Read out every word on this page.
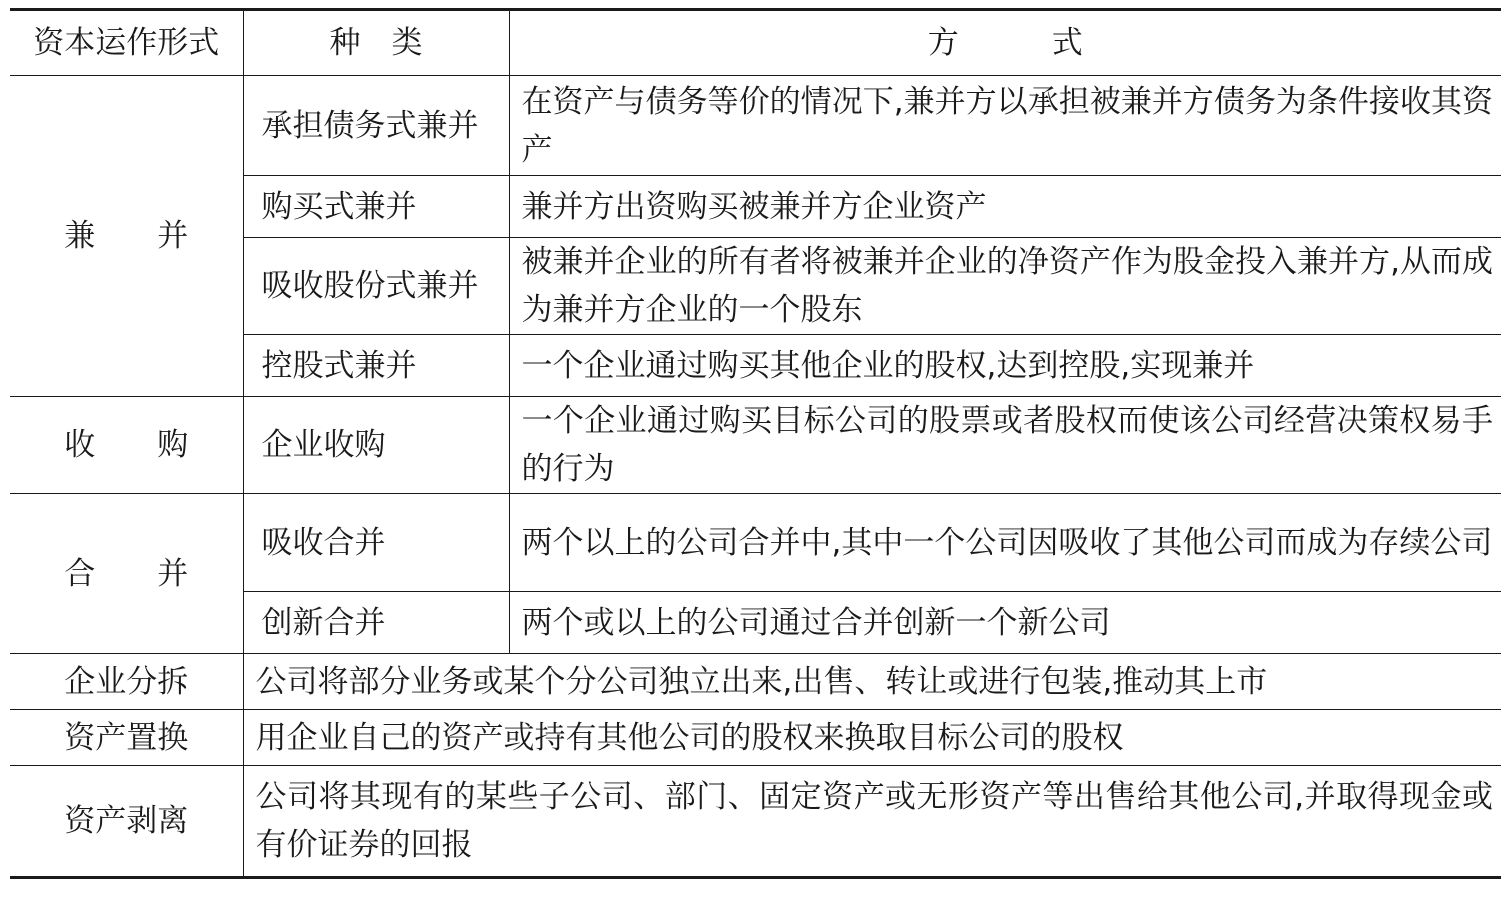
资本运作形式	种　类	方　　　式
兼　　并	承担债务式兼并	在资产与债务等价的情况下,兼并方以承担被兼并方债务为条件接收其资产
	购买式兼并	兼并方出资购买被兼并方企业资产
	吸收股份式兼并	被兼并企业的所有者将被兼并企业的净资产作为股金投入兼并方,从而成为兼并方企业的一个股东
	控股式兼并	一个企业通过购买其他企业的股权,达到控股,实现兼并
收　　购	企业收购	一个企业通过购买目标公司的股票或者股权而使该公司经营决策权易手的行为
合　　并	吸收合并	两个以上的公司合并中,其中一个公司因吸收了其他公司而成为存续公司
	创新合并	两个或以上的公司通过合并创新一个新公司
企业分拆	公司将部分业务或某个分公司独立出来,出售、转让或进行包装,推动其上市	
资产置换	用企业自己的资产或持有其他公司的股权来换取目标公司的股权	
资产剥离	公司将其现有的某些子公司、部门、固定资产或无形资产等出售给其他公司,并取得现金或有价证券的回报	
